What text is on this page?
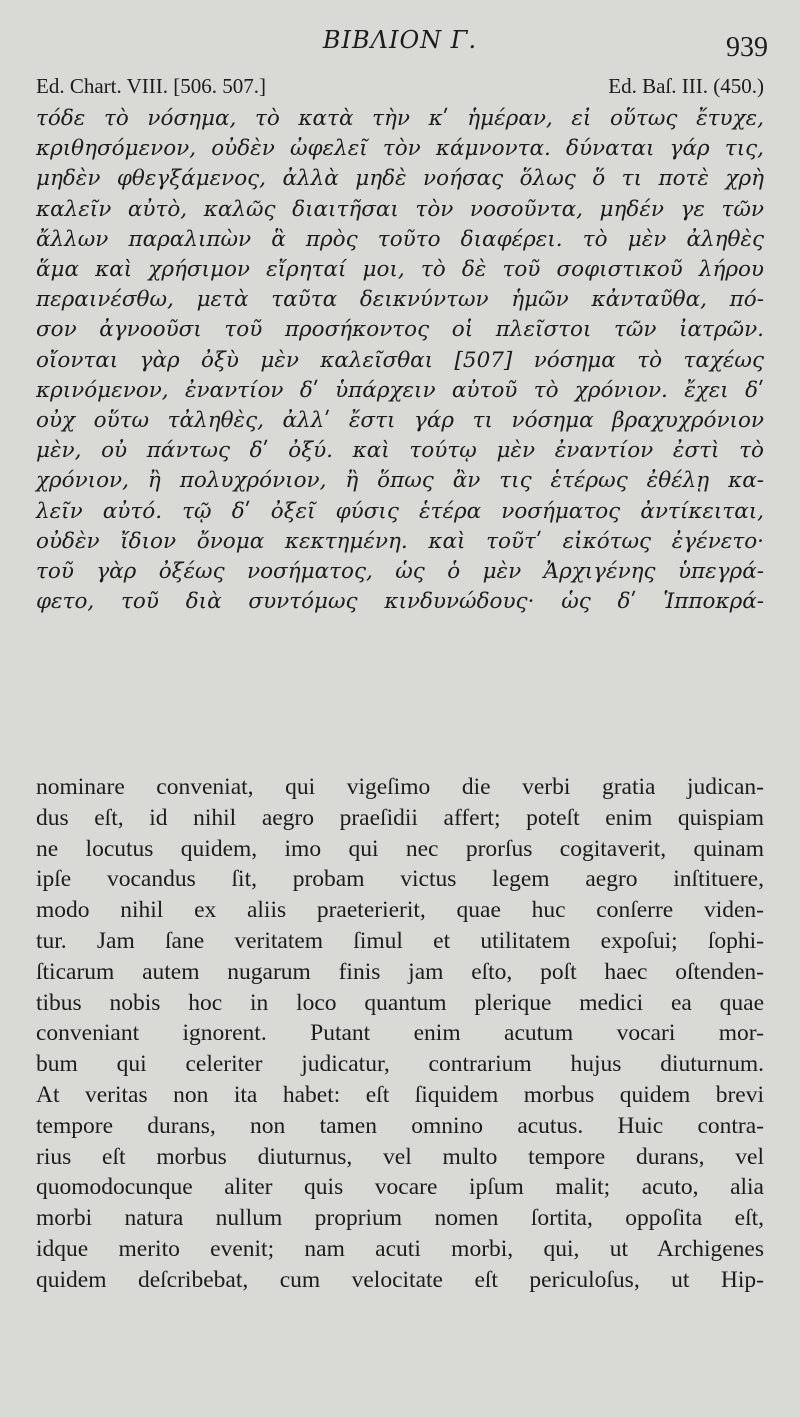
BIBΛΙΟΝ Γ.	939
Ed. Chart. VIII. [506. 507.]	Ed. Baſ. III. (450.)
τόδε τὸ νόσημα, τὸ κατὰ τὴν κʹ ἡμέραν, εἰ οὕτως ἔτυχε,
κριθησόμενον, οὐδὲν ὠφελεῖ τὸν κάμνοντα. δύναται γάρ τις,
μηδὲν φθεγξάμενος, ἀλλὰ μηδὲ νοήσας ὅλως ὅ τι ποτὲ χρὴ
καλεῖν αὐτὸ, καλῶς διαιτῆσαι τὸν νοσοῦντα, μηδέν γε τῶν
ἄλλων παραλιπὼν ἃ πρὸς τοῦτο διαφέρει. τὸ μὲν ἀληθὲς
ἅμα καὶ χρήσιμον εἴρηταί μοι, τὸ δὲ τοῦ σοφιστικοῦ λήρου
περαινέσθω, μετὰ ταῦτα δεικνύντων ἡμῶν κἀνταῦθα, πό-
σον ἀγνοοῦσι τοῦ προσήκοντος οἱ πλεῖστοι τῶν ἰατρῶν.
οἴονται γὰρ ὀξὺ μὲν καλεῖσθαι [507] νόσημα τὸ ταχέως
κρινόμενον, ἐναντίον δʹ ὑπάρχειν αὐτοῦ τὸ χρόνιον. ἔχει δʹ
οὐχ οὕτω τἀληθὲς, ἀλλʹ ἔστι γάρ τι νόσημα βραχυχρόνιον
μὲν, οὐ πάντως δʹ ὀξύ. καὶ τούτῳ μὲν ἐναντίον ἐστὶ τὸ
χρόνιον, ἢ πολυχρόνιον, ἢ ὅπως ἂν τις ἑτέρως ἐθέλῃ κα-
λεῖν αὐτό. τῷ δʹ ὀξεῖ φύσις ἑτέρα νοσήματος ἀντίκειται,
οὐδὲν ἴδιον ὄνομα κεκτημένη. καὶ τοῦτʹ εἰκότως ἐγένετο·
τοῦ γὰρ ὀξέως νοσήματος, ὡς ὁ μὲν Ἀρχιγένης ὑπεγρά-
φετο, τοῦ διὰ συντόμως κινδυνώδους· ὡς δʹ Ἱπποκρά-
nominare conveniat, qui vigeſimo die verbi gratia judican-
dus eſt, id nihil aegro praeſidii affert; poteſt enim quispiam
ne locutus quidem, imo qui nec prorſus cogitaverit, quinam
ipſe vocandus ſit, probam victus legem aegro inſtituere,
modo nihil ex aliis praeterierit, quae huc conſerre viden-
tur. Jam ſane veritatem ſimul et utilitatem expoſui; ſophi-
ſticarum autem nugarum finis jam eſto, poſt haec oſtenden-
tibus nobis hoc in loco quantum plerique medici ea quae
conveniant ignorent. Putant enim acutum vocari mor-
bum qui celeriter judicatur, contrarium hujus diuturnum.
At veritas non ita habet: eſt ſiquidem morbus quidem brevi
tempore durans, non tamen omnino acutus. Huic contra-
rius eſt morbus diuturnus, vel multo tempore durans, vel
quomodocunque aliter quis vocare ipſum malit; acuto, alia
morbi natura nullum proprium nomen ſortita, oppoſita eſt,
idque merito evenit; nam acuti morbi, qui, ut Archigenes
quidem deſcribebat, cum velocitate eſt periculoſus, ut Hip-
